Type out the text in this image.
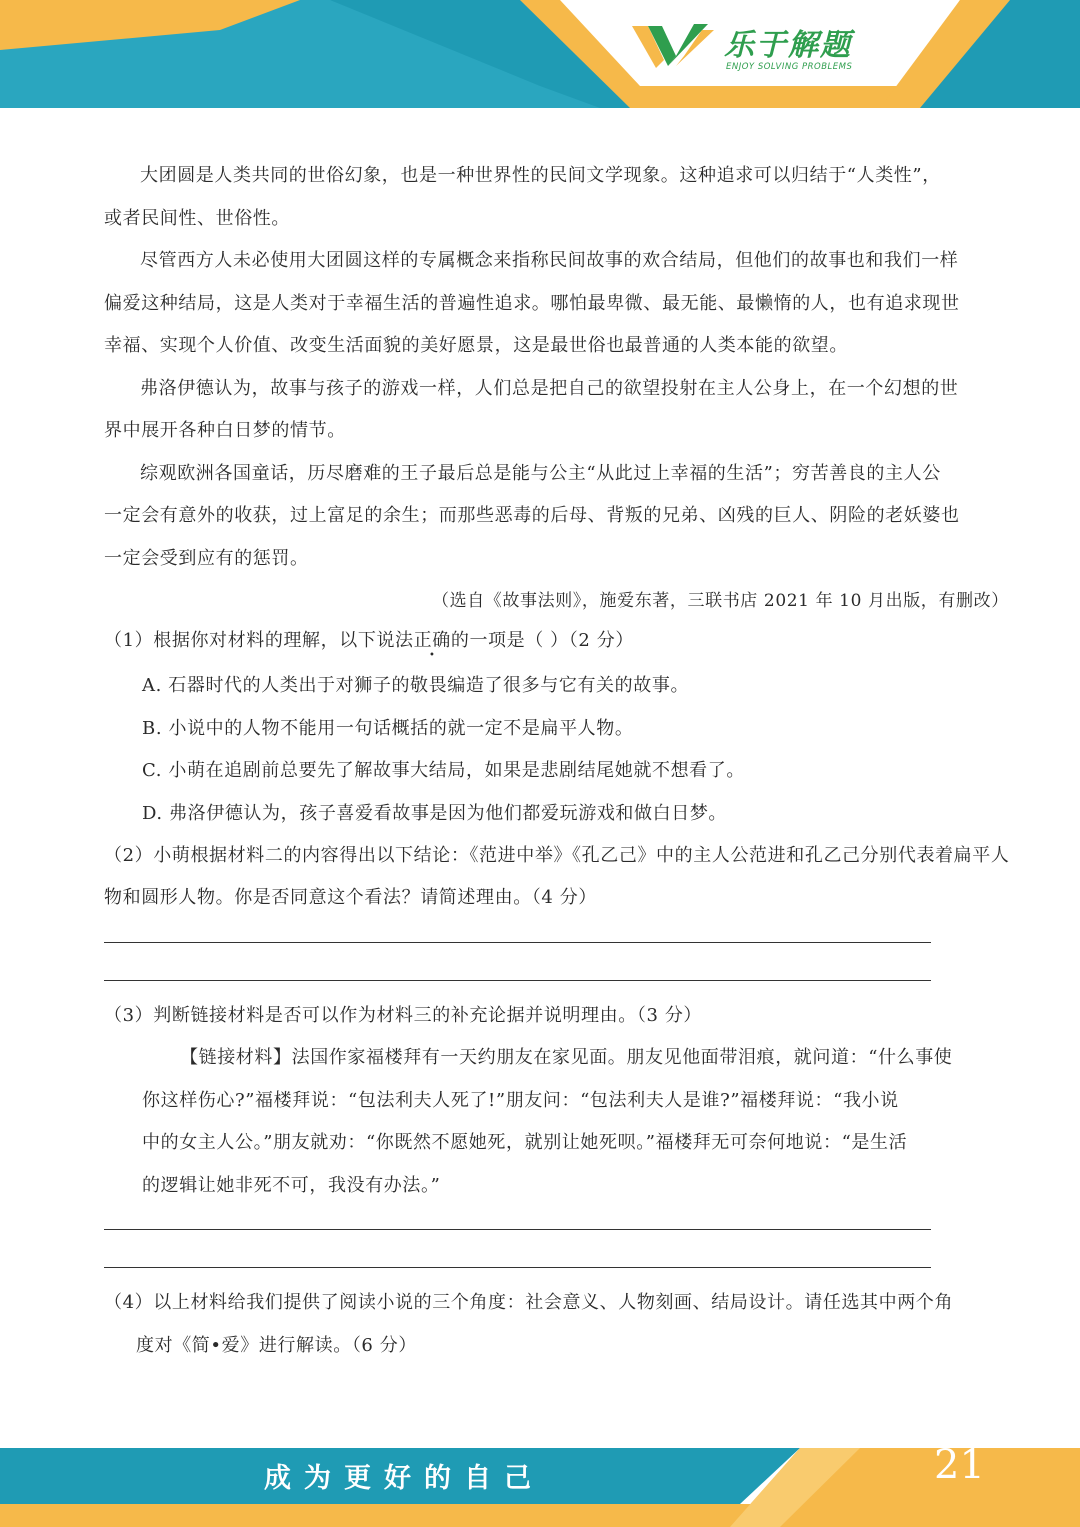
乐于解题
ENJOY SOLVING PROBLEMS
大团圆是人类共同的世俗幻象，也是一种世界性的民间文学现象。这种追求可以归结于“人类性”，
或者民间性、世俗性。
尽管西方人未必使用大团圆这样的专属概念来指称民间故事的欢合结局，但他们的故事也和我们一样
偏爱这种结局，这是人类对于幸福生活的普遍性追求。哪怕最卑微、最无能、最懒惰的人，也有追求现世
幸福、实现个人价值、改变生活面貌的美好愿景，这是最世俗也最普通的人类本能的欲望。
弗洛伊德认为，故事与孩子的游戏一样，人们总是把自己的欲望投射在主人公身上，在一个幻想的世
界中展开各种白日梦的情节。
综观欧洲各国童话，历尽磨难的王子最后总是能与公主“从此过上幸福的生活”；穷苦善良的主人公
一定会有意外的收获，过上富足的余生；而那些恶毒的后母、背叛的兄弟、凶残的巨人、阴险的老妖婆也
一定会受到应有的惩罚。
（选自《故事法则》，施爱东著，三联书店 2021 年 10 月出版，有删改）
（1）根据你对材料的理解，以下说法正确的一项是（ ）（2 分）
A. 石器时代的人类出于对狮子的敬畏编造了很多与它有关的故事。
B. 小说中的人物不能用一句话概括的就一定不是扁平人物。
C. 小萌在追剧前总要先了解故事大结局，如果是悲剧结尾她就不想看了。
D. 弗洛伊德认为，孩子喜爱看故事是因为他们都爱玩游戏和做白日梦。
（2）小萌根据材料二的内容得出以下结论：《范进中举》《孔乙己》中的主人公范进和孔乙己分别代表着扁平人
物和圆形人物。你是否同意这个看法？请简述理由。（4 分）
（3）判断链接材料是否可以作为材料三的补充论据并说明理由。（3 分）
【链接材料】法国作家福楼拜有一天约朋友在家见面。朋友见他面带泪痕，就问道：“什么事使
你这样伤心?”福楼拜说：“包法利夫人死了!”朋友问：“包法利夫人是谁?”福楼拜说：“我小说
中的女主人公。”朋友就劝：“你既然不愿她死，就别让她死呗。”福楼拜无可奈何地说：“是生活
的逻辑让她非死不可，我没有办法。”
（4）以上材料给我们提供了阅读小说的三个角度：社会意义、人物刻画、结局设计。请任选其中两个角
度对《简•爱》进行解读。（6 分）
成为更好的自己	21
